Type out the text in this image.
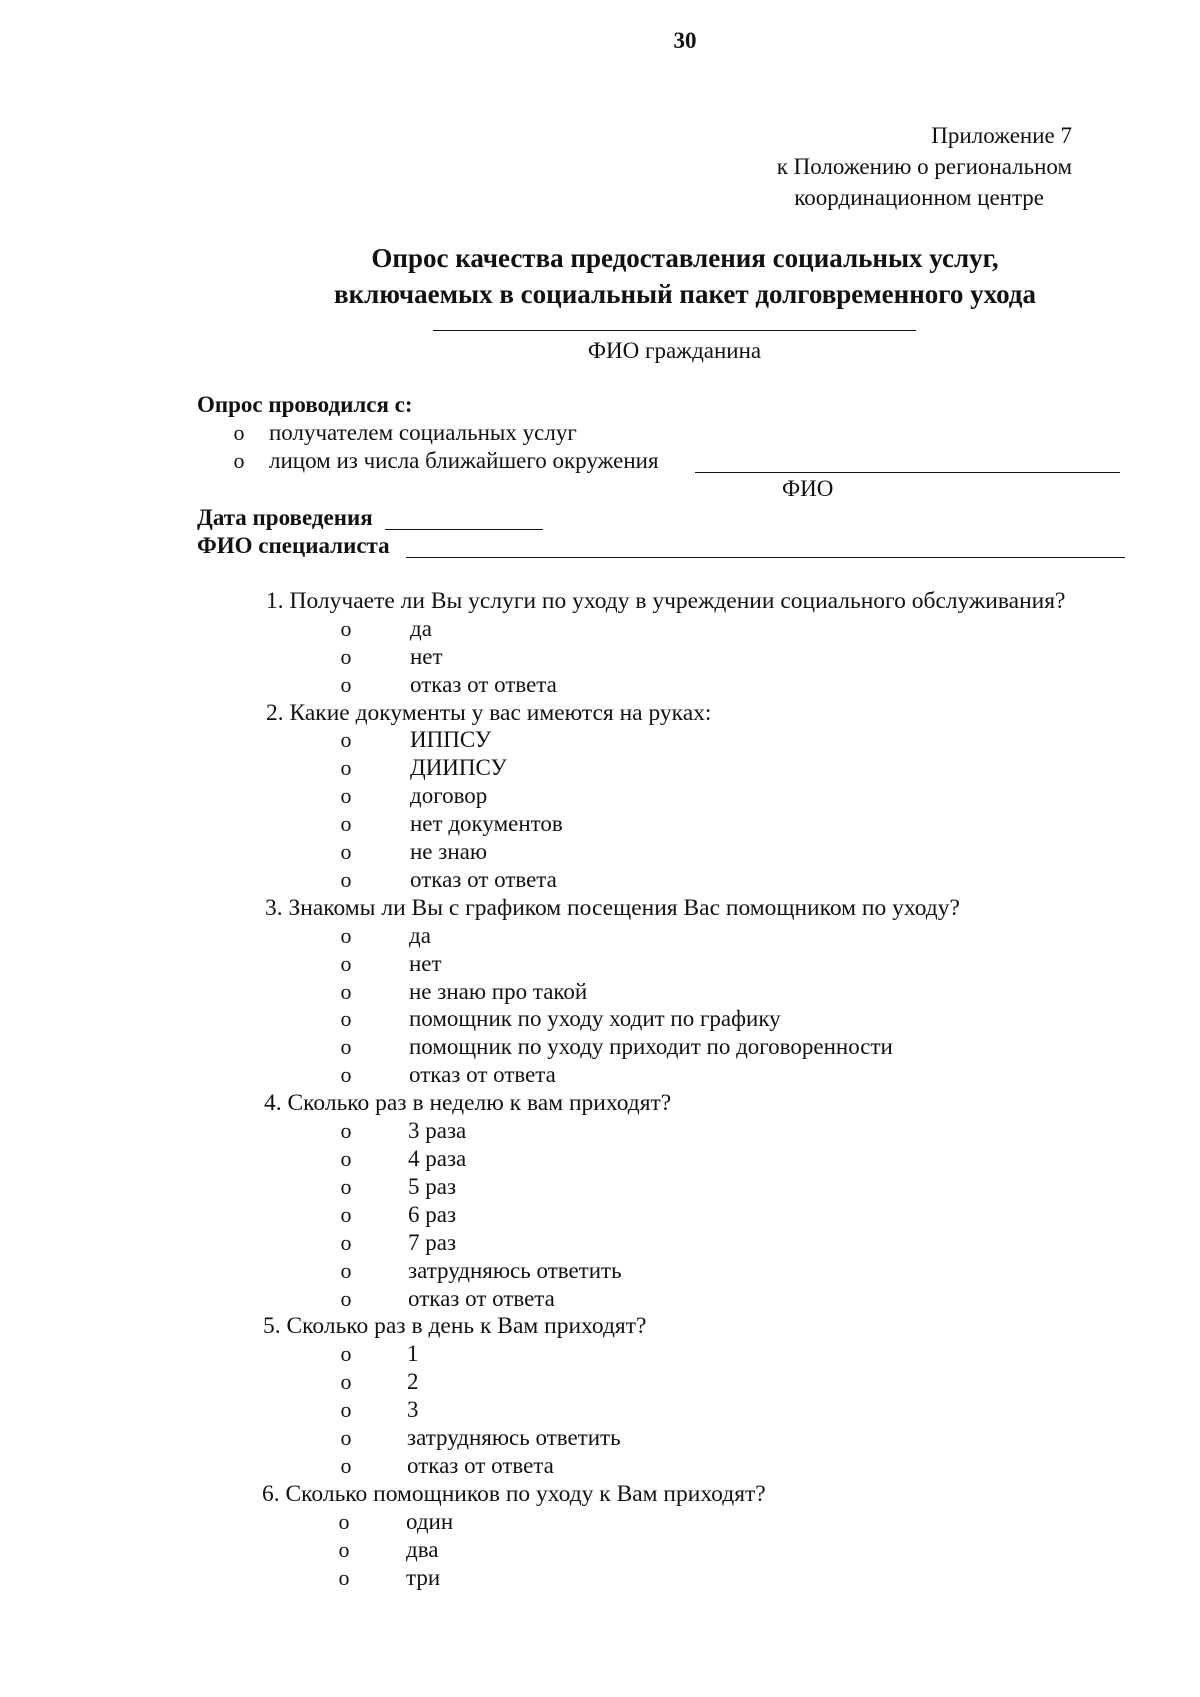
30
Приложение 7
к Положению о региональном
координационном центре
Опрос качества предоставления социальных услуг,
включаемых в социальный пакет долговременного ухода
ФИО гражданина
Опрос проводился с:
о получателем социальных услуг
о лицом из числа ближайшего окружения
ФИО
Дата проведения
ФИО специалиста
1. Получаете ли Вы услуги по уходу в учреждении социального обслуживания?
о	да
о	нет
о	отказ от ответа
2. Какие документы у вас имеются на руках:
о	ИППСУ
о	ДИИПСУ
о	договор
о	нет документов
о	не знаю
о	отказ от ответа
3. Знакомы ли Вы с графиком посещения Вас помощником по уходу?
о	да
о	нет
о	не знаю про такой
о	помощник по уходу ходит по графику
о	помощник по уходу приходит по договоренности
о	отказ от ответа
4. Сколько раз в неделю к вам приходят?
о 3 раза
о 4 раза
о 5 раз
о 6 раз
о 7 раз
о затрудняюсь ответить
о отказ от ответа
5. Сколько раз в день к Вам приходят?
о 1
о 2
о 3
о затрудняюсь ответить
о отказ от ответа
6. Сколько помощников по уходу к Вам приходят?
о один
о два
о три
